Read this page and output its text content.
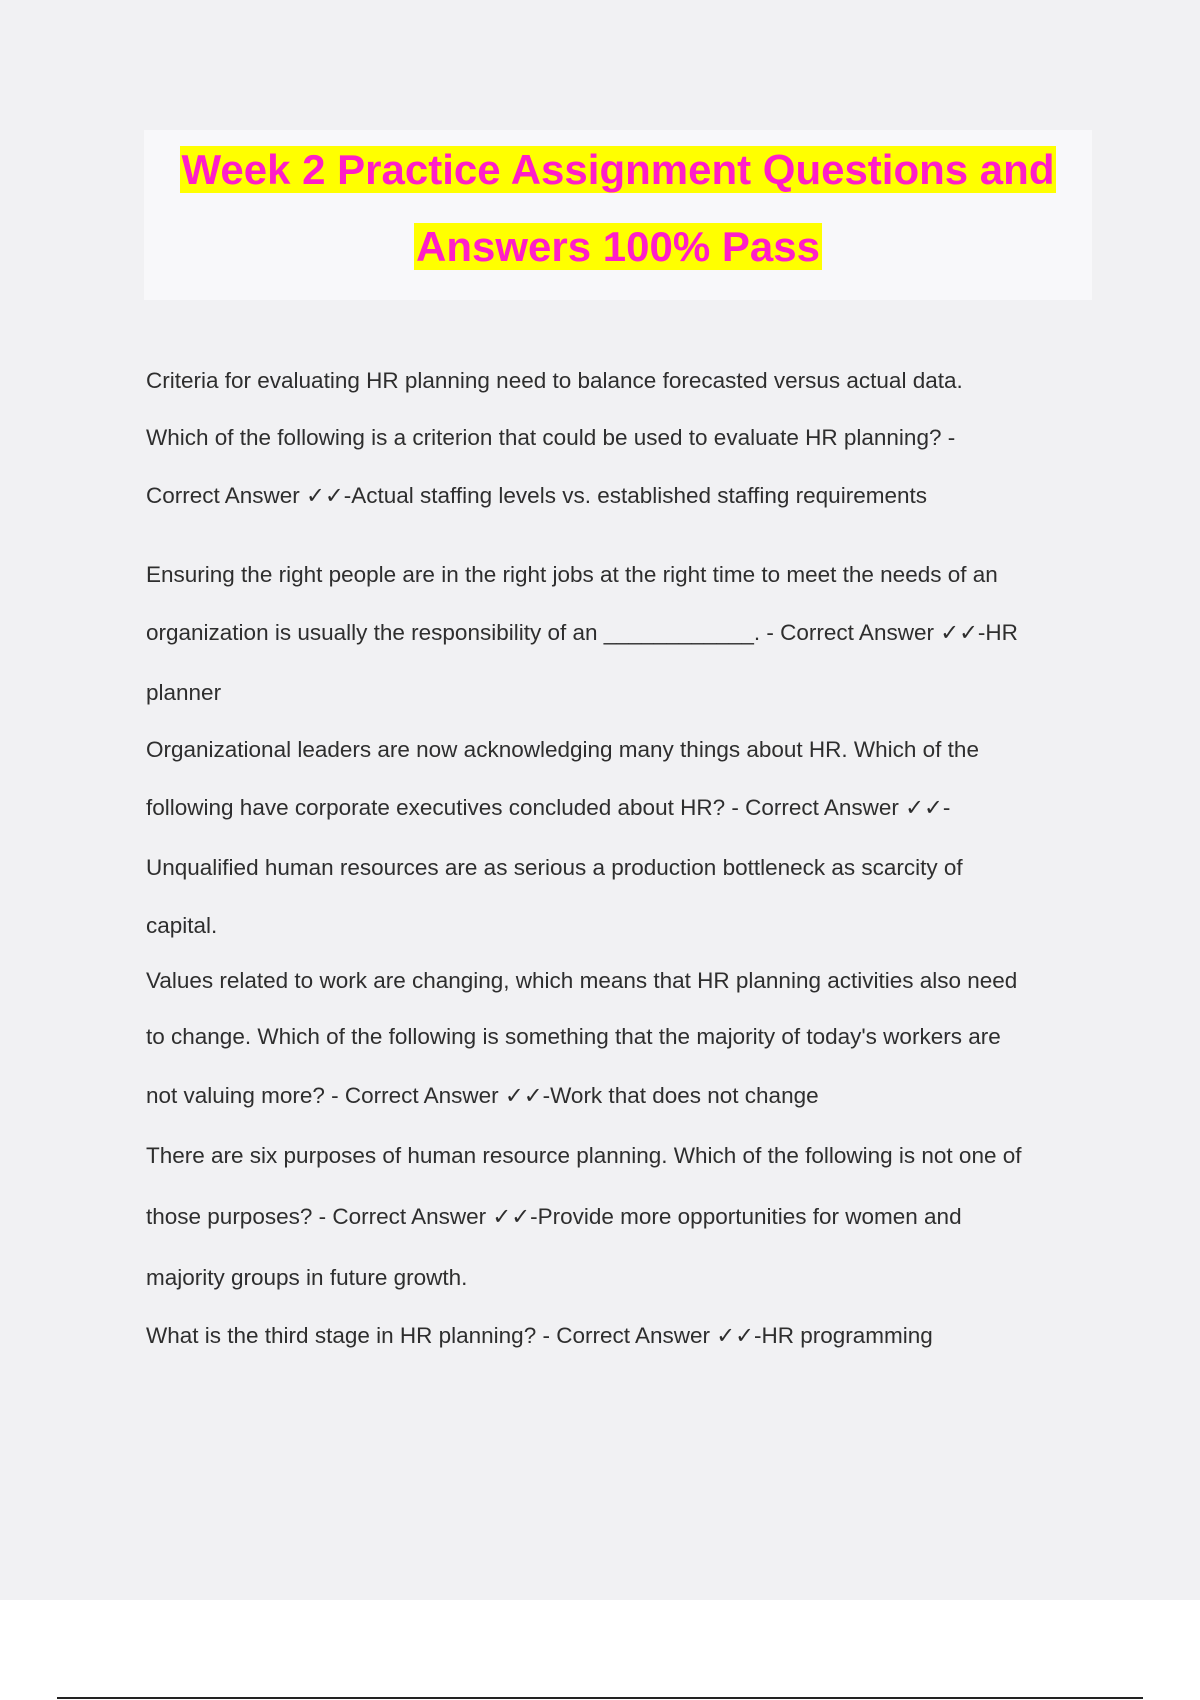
Week 2 Practice Assignment Questions and
Answers 100% Pass
Criteria for evaluating HR planning need to balance forecasted versus actual data.
Which of the following is a criterion that could be used to evaluate HR planning? -
Correct Answer ✓✓-Actual staffing levels vs. established staffing requirements
Ensuring the right people are in the right jobs at the right time to meet the needs of an
organization is usually the responsibility of an ____________. - Correct Answer ✓✓-HR
planner
Organizational leaders are now acknowledging many things about HR. Which of the
following have corporate executives concluded about HR? - Correct Answer ✓✓-
Unqualified human resources are as serious a production bottleneck as scarcity of
capital.
Values related to work are changing, which means that HR planning activities also need
to change. Which of the following is something that the majority of today's workers are
not valuing more? - Correct Answer ✓✓-Work that does not change
There are six purposes of human resource planning. Which of the following is not one of
those purposes? - Correct Answer ✓✓-Provide more opportunities for women and
majority groups in future growth.
What is the third stage in HR planning? - Correct Answer ✓✓-HR programming
